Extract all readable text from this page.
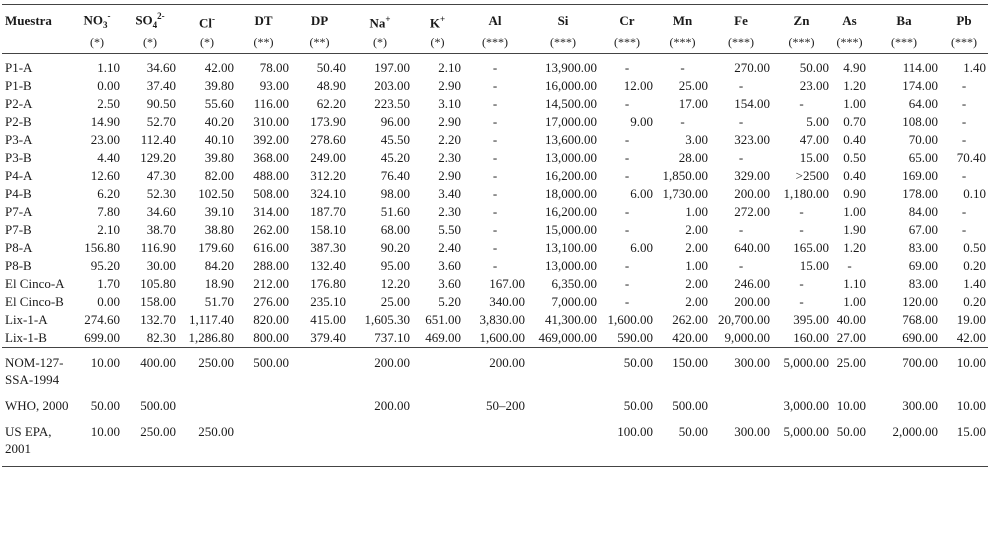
Muestra	$NO_3^-$	$SO_4^{2-}$	Cl-	DT	DP	Na+	K+	Al	Si	Cr	Mn	Fe	Zn	As	Ba	Pb
	(*)	(*)	(*)	(**)	(**)	(*)	(*)	(***)	(***)	(***)	(***)	(***)	(***)	(***)	(***)	(***)
P1-A	1.10	34.60	42.00	78.00	50.40	197.00	2.10	-	13,900.00	-	-	270.00	50.00	4.90	114.00	1.40
P1-B	0.00	37.40	39.80	93.00	48.90	203.00	2.90	-	16,000.00	12.00	25.00	-	23.00	1.20	174.00	-
P2-A	2.50	90.50	55.60	116.00	62.20	223.50	3.10	-	14,500.00	-	17.00	154.00	-	1.00	64.00	-
P2-B	14.90	52.70	40.20	310.00	173.90	96.00	2.90	-	17,000.00	9.00	-	-	5.00	0.70	108.00	-
P3-A	23.00	112.40	40.10	392.00	278.60	45.50	2.20	-	13,600.00	-	3.00	323.00	47.00	0.40	70.00	-
P3-B	4.40	129.20	39.80	368.00	249.00	45.20	2.30	-	13,000.00	-	28.00	-	15.00	0.50	65.00	70.40
P4-A	12.60	47.30	82.00	488.00	312.20	76.40	2.90	-	16,200.00	-	1,850.00	329.00	>2500	0.40	169.00	-
P4-B	6.20	52.30	102.50	508.00	324.10	98.00	3.40	-	18,000.00	6.00	1,730.00	200.00	1,180.00	0.90	178.00	0.10
P7-A	7.80	34.60	39.10	314.00	187.70	51.60	2.30	-	16,200.00	-	1.00	272.00	-	1.00	84.00	-
P7-B	2.10	38.70	38.80	262.00	158.10	68.00	5.50	-	15,000.00	-	2.00	-	-	1.90	67.00	-
P8-A	156.80	116.90	179.60	616.00	387.30	90.20	2.40	-	13,100.00	6.00	2.00	640.00	165.00	1.20	83.00	0.50
P8-B	95.20	30.00	84.20	288.00	132.40	95.00	3.60	-	13,000.00	-	1.00	-	15.00	-	69.00	0.20
El Cinco-A	1.70	105.80	18.90	212.00	176.80	12.20	3.60	167.00	6,350.00	-	2.00	246.00	-	1.10	83.00	1.40
El Cinco-B	0.00	158.00	51.70	276.00	235.10	25.00	5.20	340.00	7,000.00	-	2.00	200.00	-	1.00	120.00	0.20
Lix-1-A	274.60	132.70	1,117.40	820.00	415.00	1,605.30	651.00	3,830.00	41,300.00	1,600.00	262.00	20,700.00	395.00	40.00	768.00	19.00
Lix-1-B	699.00	82.30	1,286.80	800.00	379.40	737.10	469.00	1,600.00	469,000.00	590.00	420.00	9,000.00	160.00	27.00	690.00	42.00
NOM-127-SSA-1994	10.00	400.00	250.00	500.00		200.00		200.00		50.00	150.00	300.00	5,000.00	25.00	700.00	10.00
WHO, 2000	50.00	500.00				200.00		50–200		50.00	500.00		3,000.00	10.00	300.00	10.00
US EPA, 2001	10.00	250.00	250.00							100.00	50.00	300.00	5,000.00	50.00	2,000.00	15.00
